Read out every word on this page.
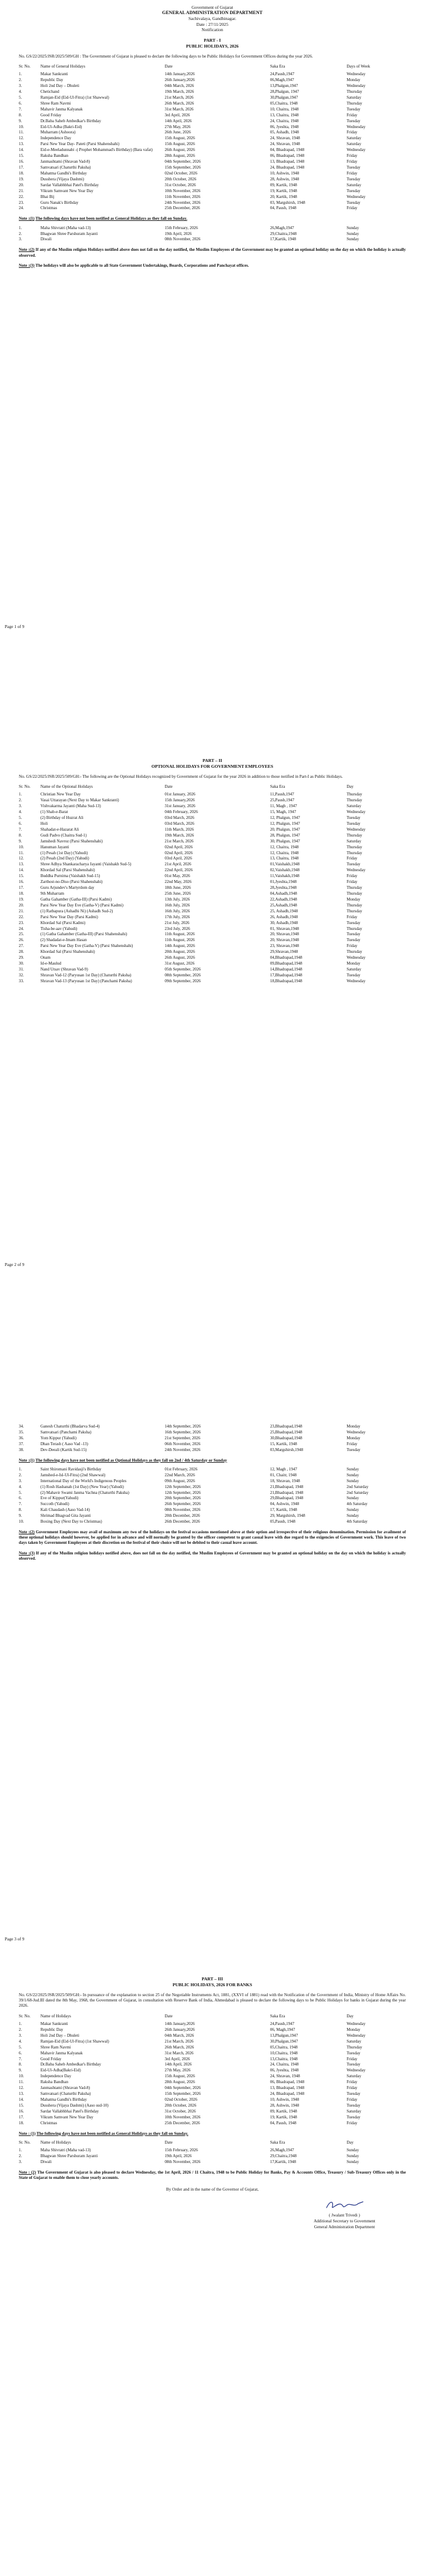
Government of Gujarat
GENERAL ADMINISTRATION DEPARTMENT
Sachivalaya, Gandhinagar.
Date : 27/11/2025
Notification
PART - I
PUBLIC HOLIDAYS, 2026
No. GS/22/2025/JSR/2025/509/GH : The Government of Gujarat is pleased to declare the following days to be Public Holidays for Government Offices during the year 2026.
Sr. No.	Name of General Holidays	Date	Saka Era	Days of Week
1.	Makar Sankranti	14th January,2026	24,Paush,1947	Wednesday
2.	Republic Day	26th January,2026	06,Magh,1947	Monday
3.	Holi 2nd Day – Dhuleti	04th March, 2026	13,Phalgun,1947	Wednesday
4.	Chetichand	19th March, 2026	28,Phalgun, 1947	Thursday
5.	Ramjan-Eid (Eid-Ul-Fitra) (1st Shawwal)	21st March, 2026	30,Phalgun,1947	Saturday
6.	Shree Ram Navmi	26th March, 2026	05,Chaitra, 1948	Thursday
7.	Mahavir Janma Kalyanak	31st March, 2026	10, Chaitra, 1948	Tuesday
8.	Good Friday	3rd April, 2026	13, Chaitra, 1948	Friday
9.	Dr.Baba Saheb Ambedkar's Birthday	14th April, 2026	24, Chaitra, 1948	Tuesday
10.	Eid-Ul-Adha (Bakri-Eid)	27th May, 2026	06, Jyeshta, 1948	Wednesday
11.	Muharram (Ashoora)	26th June, 2026	05, Ashadh, 1948	Friday
12.	Independence Day	15th August, 2026	24, Shravan, 1948	Saturday
13.	Parsi New Year Day- Pateti (Parsi Shahenshahi)	15th August, 2026	24, Shravan, 1948	Saturday
14.	Eid-e-Meeladunnabi -( Prophet Mohammad's Birthday) (Bara vafat)	26th August, 2026	04, Bhadrapad, 1948	Wednesday
15.	Raksha Bandhan	28th August, 2026	06, Bhadrapad, 1948	Friday
16.	Janmashtami (Shravan Vad-8)	04th September, 2026	13, Bhadrapad, 1948	Friday
17.	Samvatsari (Chaturthi Paksha)	15th September, 2026	24, Bhadrapad, 1948	Tuesday
18.	Mahatma Gandhi's Birthday	02nd October, 2026	10, Ashwin, 1948	Friday
19.	Dusshera (Vijaya Dashmi)	20th October, 2026	28, Ashwin, 1948	Tuesday
20.	Sardar Vallabhbhai Patel's Birthday	31st October, 2026	09, Kartik, 1948	Saturday
21.	Vikram Samvant New Year Day	10th November, 2026	19, Kartik, 1948	Tuesday
22.	Bhai Bij	11th November, 2026	20, Kartik, 1948	Wednesday
23.	Guru Nanak's Birthday	24th November, 2026	03, Margshirsh, 1948	Tuesday
24.	Christmas	25th December, 2026	04, Paush, 1948	Friday
Note :(1) The following days have not been notified as General Holidays as they fall on Sunday.
1.	Maha Shivratri (Maha vad-13)	15th February, 2026	26,Magh,1947	Sunday
2.	Bhagwan Shree Parshuram Jayanti	19th April, 2026	29,Chaitra,1948	Sunday
3.	Diwali	08th November, 2026	17,Kartik, 1948	Sunday
Note :(2) If any of the Muslim religion Holidays notified above does not fall on the day notified, the Muslim Employees of the Government may be granted an optional holiday on the day on which the holiday is actually observed.
Note :(3) The holidays will also be applicable to all State Government Undertakings, Boards, Corporations and Panchayat offices.
Page 1 of 9
PART – II
OPTIONAL HOLIDAYS FOR GOVERNMENT EMPLOYEES
No. GS/22/2025/JSR/2025/509/GH:- The following are the Optional Holidays recognized by Government of Gujarat for the year 2026 in addition to those notified in Part-I as Public Holidays.
Sr. No.	Name of the Optional Holidays	Date	Saka Era	Day
1.	Christian New Year Day	01st January, 2026	11,Paush,1947	Thursday
2.	Vasai Uttarayan (Next Day to Makar Sankranti)	15th January,2026	25,Paush,1947	Thursday
3.	Vishvakarma Jayanti (Maha Sud-13)	31st January, 2026	11, Magh , 1947	Saturday
4.	(1) Shab-e-Barat	04th February, 2026	15, Magh, 1947	Wednesday
5.	(2) Birthday of Huzrat Ali	03rd March, 2026	12, Phalgun, 1947	Tuesday
6.	Holi	03rd March, 2026	12, Phalgun, 1947	Tuesday
7.	Shahadat-e-Hazarat Ali	11th March, 2026	20, Phalgun, 1947	Wednesday
8.	Gudi Padvo (Chaitra Sud-1)	19th March, 2026	28, Phalgun, 1947	Thursday
9.	Jamshedi Navroz (Parsi Shahenshahi)	21st March, 2026	30, Phalgun, 1947	Saturday
10.	Hanuman Jayanti	02nd April, 2026	12, Chaitra, 1948	Thursday
11.	(1) Pesah (1st Day) (Yahudi)	02nd April, 2026	12, Chaitra, 1948	Thursday
12.	(2) Pesah (2nd Day) (Yahudi)	03rd April, 2026	13, Chaitra, 1948	Friday
13.	Shree Adhya Shankaracharya Jayanti (Vaishakh Sud-5)	21st April, 2026	01,Vaishakh,1948	Tuesday
14.	Khordad Sal (Parsi Shahenshahi)	22nd April, 2026	02,Vaishakh,1948	Wednesday
15.	Buddha Purnima (Vaishakh Sud-15)	01st May, 2026	11,Vaishakh,1948	Friday
16.	Zarthost-no-Diso (Parsi Shahenshahi)	22nd May, 2026	01,Jyeshta,1948	Friday
17.	Guru Arjundev's Martyrdom day	18th June, 2026	28,Jyeshta,1948	Thursday
18.	9th Muharram	25th June, 2026	04,Ashadh,1948	Thursday
19.	Gatha Gahamber (Gatha-III) (Parsi Kadmi)	13th July, 2026	22,Ashadh,1948	Monday
20.	Parsi New Year Day Eve (Gatha-V) (Parsi Kadmi)	16th July, 2026	25,Ashadh,1948	Thursday
21.	(1) Ratbapura (Ashadhi Ni) (Ashadh Sud-2)	16th July, 2026	25, Ashadh,1948	Thursday
22.	Parsi New Year Day (Parsi Kadmi)	17th July, 2026	26, Ashadh,1948	Friday
23.	Khordad Sal (Parsi Kadmi)	21st July, 2026	30, Ashadh,1948	Tuesday
24.	Tisha-be-aav (Yahudi)	23rd July, 2026	01, Shravan,1948	Thursday
25.	(1) Gatha Gahamber (Gatha-III) (Parsi Shahenshahi)	11th August, 2026	20, Shravan,1948	Tuesday
26.	(2) Shadadat-e-Imam Hasan	11th August, 2026	20, Shravan,1948	Tuesday
27.	Parsi New Year Day Eve (Gatha-V) (Parsi Shahenshahi)	14th August, 2026	23, Shravan,1948	Friday
28.	Khordad Sal (Parsi Shahenshahi)	20th August, 2026	29,Shravan,1948	Thursday
29.	Onam	26th August, 2026	04,Bhadrapad,1948	Wednesday
30.	Id-e-Maulud	31st August, 2026	09,Bhadrapad,1948	Monday
31.	Nand Utsav (Shravan Vad-9)	05th September, 2026	14,Bhadrapad,1948	Saturday
32.	Shravan Vad-12 (Paryusan 1st Day) (Chaturthi Paksha)	08th September, 2026	17,Bhadrapad,1948	Tuesday
33.	Shravan Vad-13 (Paryusan 1st Day) (Panchami Paksha)	09th September, 2026	18,Bhadrapad,1948	Wednesday
Page 2 of 9
34.	Ganesh Chaturthi (Bhadarva Sud-4)	14th September, 2026	23,Bhadrapad,1948	Monday
35.	Samvatsari (Panchami Paksha)	16th September, 2026	25,Bhadrapad,1948	Wednesday
36.	Yom Kippur (Yahudi)	21st September, 2026	30,Bhadrapad,1948	Monday
37.	Dhan Terash ( Aaso Vad -13)	06th November, 2026	15, Kartik, 1948	Friday
38.	Dev-Deeali (Kartik Sud-15)	24th November, 2026	03,Margshirsh,1948	Tuesday
Note :(1) The following days have not been notified as Optional Holidays as they fall on 2nd / 4th Saturday or Sunday
1.	Saint Shiromani Ravidasji's Birthday	01st February, 2026	12, Magh , 1947	Sunday
2.	Jamshed-e-Isl-Ul-Fitra) (2nd Shawwal)	22nd March, 2026	01, Chaitr, 1948	Sunday
3.	International Day of the World's Indigenous Peoples	09th August, 2026	18, Shravan, 1948	Sunday
4.	(1) Rosh Hashanah (1st Day) (New Year) (Yahudi)	12th September, 2026	21,Bhadrapad, 1948	2nd Saturday
5.	(2) Mahavir Swami Janma Vachna (Chaturthi Paksha)	12th September, 2026	21,Bhadrapad, 1948	2nd Saturday
6.	Eve of Kippur(Yahudi)	20th September, 2026	29,Bhadrapad, 1948	Sunday
7.	Succoth (Yahudi)	26th September, 2026	04, Ashwin, 1948	4th Saturday
8.	Kali Chaudash (Aaso Vad-14)	08th November, 2026	17, Kartik, 1948	Sunday
9.	Shrimad Bhagvad Gita Jayanti	20th December, 2026	29, Margshirsh, 1948	Sunday
10.	Boxing Day (Next Day to Christmas)	26th December, 2026	05,Paush, 1948	4th Saturday
Note :(2) Government Employees may avail of maximum any two of the holidays on the festival occasions mentioned above at their option and irrespective of their religious denomination. Permission for availment of these optional holidays should however, be applied for in advance and will normally be granted by the officer competent to grant casual leave with due regard to the exigencies of Government work. This leave of two days taken by Government Employees at their discretion on the festival of their choice will not be debited to their casual leave account.
Note :(3) If any of the Muslim religion holidays notified above, does not fall on the day notified, the Muslim Employees of Government may be granted an optional holiday on the day on which the holiday is actually observed.
Page 3 of 9
PART – III
PUBLIC HOLIDAYS, 2026 FOR BANKS
No. GS/22/2025/JSR/2025/509/GH:- In pursuance of the explanation to section 25 of the Negotiable Instruments Act, 1881, (XXVI of 1881) read with the Notification of the Government of India, Ministry of Home Affairs No. 39/1/68-Jud.III dated the 8th May, 1968, the Government of Gujarat, in consultation with Reserve Bank of India, Ahmedabad is pleased to declare the following days to be Public Holidays for banks in Gujarat during the year 2026.
Sr. No.	Name of Holidays	Date	Saka Era	Day
1.	Makar Sankranti	14th January,2026	24,Paush,1947	Wednesday
2.	Republic Day	26th January,2026	06, Magh,1947	Monday
3.	Holi 2nd Day – Dhuleti	04th March, 2026	13,Phalgun,1947	Wednesday
4.	Ramjan-Eid (Eid-Ul-Fitra) (1st Shawwal)	21st March, 2026	30,Phalgun,1947	Saturday
5.	Shree Ram Navmi	26th March, 2026	05,Chaitra, 1948	Thursday
6.	Mahavir Janma Kalyanak	31st March, 2026	10,Chaitra, 1948	Tuesday
7.	Good Friday	3rd April, 2026	13,Chaitra, 1948	Friday
8.	Dr.Baba Saheb Ambedkar's Birthday	14th April, 2026	24, Chaitra, 1948	Tuesday
9.	Eid-Ul-Adha(Bakri-Eid)	27th May, 2026	06, Jyeshta, 1948	Wednesday
10.	Independence Day	15th August, 2026	24, Shravan, 1948	Saturday
11.	Raksha Bandhan	28th August, 2026	06, Bhadrapad, 1948	Friday
12.	Janmashtami (Shravan Vad-8)	04th September, 2026	13, Bhadrapad, 1948	Friday
13.	Samvatsari (Chaturthi Paksha)	15th September, 2026	24, Bhadrapad, 1948	Tuesday
14.	Mahatma Gandhi's Birthday	02nd October, 2026	10, Ashwin, 1948	Friday
15.	Dusshera (Vijaya Dashmi) (Aaso sud-10)	20th October, 2026	28, Ashwin, 1948	Tuesday
16.	Sardar Vallabhbhai Patel's Birthday	31st October, 2026	09, Kartik, 1948	Saturday
17.	Vikram Samvant New Year Day	10th November, 2026	19, Kartik, 1948	Tuesday
18.	Christmas	25th December, 2026	04, Paush, 1948	Friday
Note : (1) The following days have not been notified as General Holidays as they fall on Sunday.
Sr. No.	Name of Holidays	Date	Saka Era	Day
1.	Maha Shivratri (Maha vad-13)	15th February, 2026	26,Magh,1947	Sunday
2.	Bhagwan Shree Parshuram Jayanti	19th April, 2026	29,Chaitra,1948	Sunday
3.	Diwali	08th November, 2026	17,Kartik, 1948	Sunday
Note : (2) The Government of Gujarat is also pleased to declare Wednesday, the 1st April, 2026 / 11 Chaitra, 1948 to be Public Holiday for Banks, Pay & Accounts Office, Treasury / Sub-Treasury Offices only in the State of Gujarat to enable them to close yearly accounts.
By Order and in the name of the Governor of Gujarat,
( Jwalant Trivedi )
Additional Secretary to Government
General Administration Department
